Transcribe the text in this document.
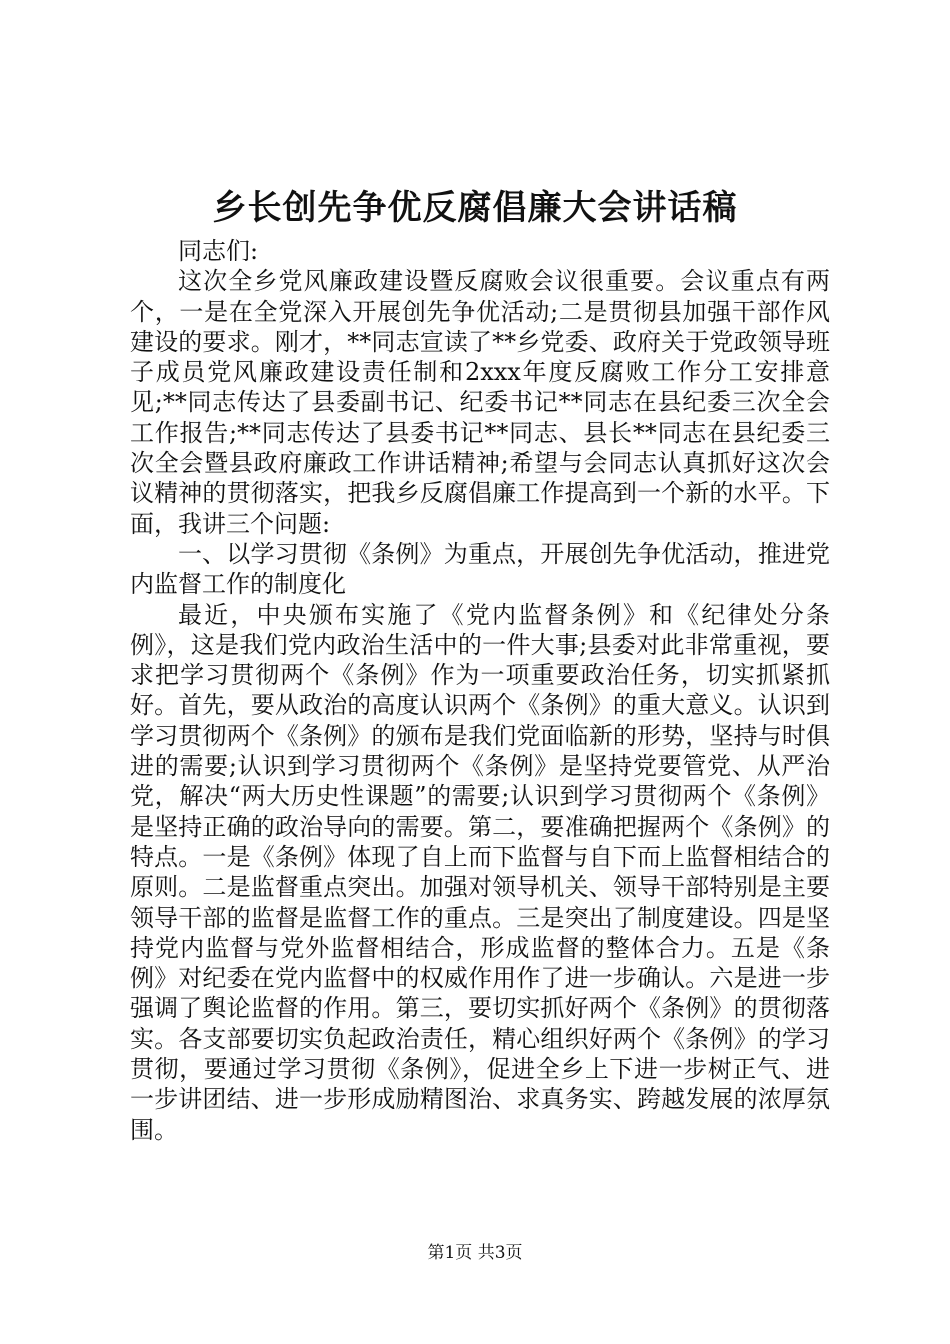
乡长创先争优反腐倡廉大会讲话稿

同志们:

这次全乡党风廉政建设暨反腐败会议很重要。会议重点有两个，一是在全党深入开展创先争优活动;二是贯彻县加强干部作风建设的要求。刚才，**同志宣读了**乡党委、政府关于党政领导班子成员党风廉政建设责任制和2xxx年度反腐败工作分工安排意见;**同志传达了县委副书记、纪委书记**同志在县纪委三次全会工作报告;**同志传达了县委书记**同志、县长**同志在县纪委三次全会暨县政府廉政工作讲话精神;希望与会同志认真抓好这次会议精神的贯彻落实，把我乡反腐倡廉工作提高到一个新的水平。下面，我讲三个问题:

一、以学习贯彻《条例》为重点，开展创先争优活动，推进党内监督工作的制度化

最近，中央颁布实施了《党内监督条例》和《纪律处分条例》，这是我们党内政治生活中的一件大事;县委对此非常重视，要求把学习贯彻两个《条例》作为一项重要政治任务，切实抓紧抓好。首先，要从政治的高度认识两个《条例》的重大意义。认识到学习贯彻两个《条例》的颁布是我们党面临新的形势，坚持与时俱进的需要;认识到学习贯彻两个《条例》是坚持党要管党、从严治党，解决“两大历史性课题”的需要;认识到学习贯彻两个《条例》是坚持正确的政治导向的需要。第二，要准确把握两个《条例》的特点。一是《条例》体现了自上而下监督与自下而上监督相结合的原则。二是监督重点突出。加强对领导机关、领导干部特别是主要领导干部的监督是监督工作的重点。三是突出了制度建设。四是坚持党内监督与党外监督相结合，形成监督的整体合力。五是《条例》对纪委在党内监督中的权威作用作了进一步确认。六是进一步强调了舆论监督的作用。第三，要切实抓好两个《条例》的贯彻落实。各支部要切实负起政治责任，精心组织好两个《条例》的学习贯彻，要通过学习贯彻《条例》，促进全乡上下进一步树正气、进一步讲团结、进一步形成励精图治、求真务实、跨越发展的浓厚氛围。

第1页 共3页
